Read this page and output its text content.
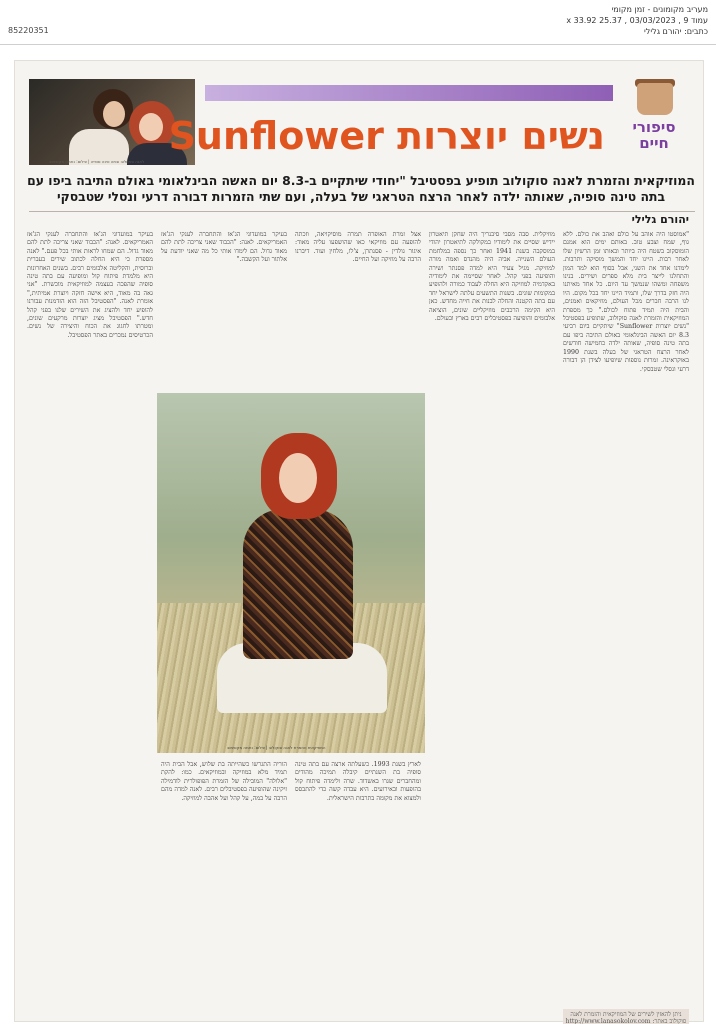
מעריב מקומונים - זמן מקומי
עמוד 9 , 03/03/2023 , 25.37 x 33.92
כתבים: יהורם גלילי
85220351
לאנה סוקולוב ובתה טינה סופיה | צילום: נחמה מקסימוב
נשים יוצרות Sunflower	סיפורי חיים
המוזיקאית והזמרת לאנה סוקולוב תופיע בפסטיבל "יחודי שיתקיים ב-8.3 יום האשה הבינלאומי באולם התיבה ביפו עם בתה טינה סופיה, שאותה ילדה לאחר הרצח הטראגי של בעלה, ועם שתי הזמרות דבורה דרעי ונסלי שטבסקי
יהורם גלילי

"אמוסטו היה אוהב על כולם ואהב את כולם. ללא גוף, שמח וצבע טוב. באותם ימים הוא אמנם הומוסקוב בשטח היה ביותר ובאותו זמן הרשיון שלו לאחר רבות. היינו יחד והמשך מוסיקה ותרבות. לימדנו אחד את השני, אבל בסוף הוא למד המון והתחלנו לייצר בית מלא ספרים ושירים. בנינו משפחה ומשהו שנמשך עד היום. כל אחד מאיתנו היה חזק בדרך שלו, ותמיד היינו יחד בכל מקום. היו לנו הרבה חברים מכל העולם, מוזיקאים ואמנים, והבית היה תמיד פתוח לכולם." כך מספרת המוזיקאית והזמרת לאנה סוקולוב, שתופיע בפסטיבל "נשים יוצרות Sunflower" שיתקיים ביום רביעי 8.3 יום האשה הבינלאומי באולם התיבה ביפו עם בתה טינה סופיה, שאותה ילדה כחמישה חודשים לאחר הרצח הטראגי של בעלה בשנת 1990 באוקראינה. זמרות נוספות שיופיעו לצידן הן דבורה דרעי ונסלי שטבסקי.

מוזיקלית. סבה מסבי סיבנריך היה שחקן תיאטרון יידיש שסיים את לימודיו במקולקה לתיאטרון יהודי במוסקבה בשנת 1941 ואחר כך נספה במלחמת העולם השנייה. אביה היה מהנדס ואמה מורה למוזיקה. מגיל צעיר היא למדה פסנתר ושירה והופיעה בפני קהל. לאחר שסיימה את לימודיה באקדמיה למוזיקה היא החלה לעבוד כמורה ולהופיע במקומות שונים. בשנות התשעים עלתה לישראל יחד עם בתה הקטנה והחלה לבנות את חייה מחדש. כאן היא הקימה הרכבים מוזיקליים שונים, הוציאה אלבומים והופיעה בפסטיבלים רבים בארץ ובעולם.

אצל זמרת האופרה תמרה מוסיקויאה, וזכתה להופעה עם מוזיקאי כאו שהושפעו עליה מאוד: איגור גולדין - פסנתרן, צ'לו, מלחין ועוד. דיברנו הרבה על מוזיקה ועל החיים.

בעיקר במועדוני הג'אז והתחברה לענקי הג'אז האמריקאים. לאנה: "הכבוד שאני צריכה לתת להם מאוד גדול. הם לימדו אותי כל מה שאני יודעת על אלתור ועל הקשבה."

בעיקר במועדוני הג'אז והתחברה לענקי הג'אז האמריקאים. לאנה: "הכבוד שאני צריכה לתת להם מאוד גדול. הם שמחו לראות אותי בכל פעם." לאנה מספרת כי היא החלה לכתוב שירים בעברית וברוסית, והקליטה אלבומים רבים. בשנים האחרונות היא מלמדת פיתוח קול ומופיעה עם בתה טינה סופיה שהפכה בעצמה למוזיקאית מוכשרת. "אני גאה בה מאוד, היא אישה חזקה ויוצרת אמיתית," אומרת לאנה. "הפסטיבל הזה הוא הזדמנות עבורנו להופיע יחד ולהציג את השירים שלנו בפני קהל חדש." הפסטיבל מציג יוצרות מרקעים שונים, ומטרתו לחגוג את הכוח והיצירה של נשים. הכרטיסים נמכרים באתר הפסטיבל.

לארץ בשנת 1993. כשעלתה ארצה עם בתה טינה סופיה בת השנתיים קיבלה תמיכה מהודים ומהחברים שגרו באשדוד. שרה ולימדה פיתוח קול בהופעות ובאירועים. היא עבדה קשה כדי להתבסס ולמצוא את מקומה בתרבות הישראלית.

הוריה התגרשו כשהייתה בת שלוש, אבל הבית היה תמיד מלא במוזיקה ובמוזיקאים. כמו: להקת "אלולה" המובילה של הזמרת הפופולרית לודמילה זיקינה שהופיעה בפסטיבלים רבים. לאנה למדה מהם הרבה על במה, על קהל ועל אהבה למוזיקה.

המוזיקאית והזמרת לאנה סוקולוב | צילום: נחמה מקסימוב
ניתן להאזין לשירים של המוזיקאית והזמרת לאנה סוקולוב באתר: http://www.lanasokolov.com
